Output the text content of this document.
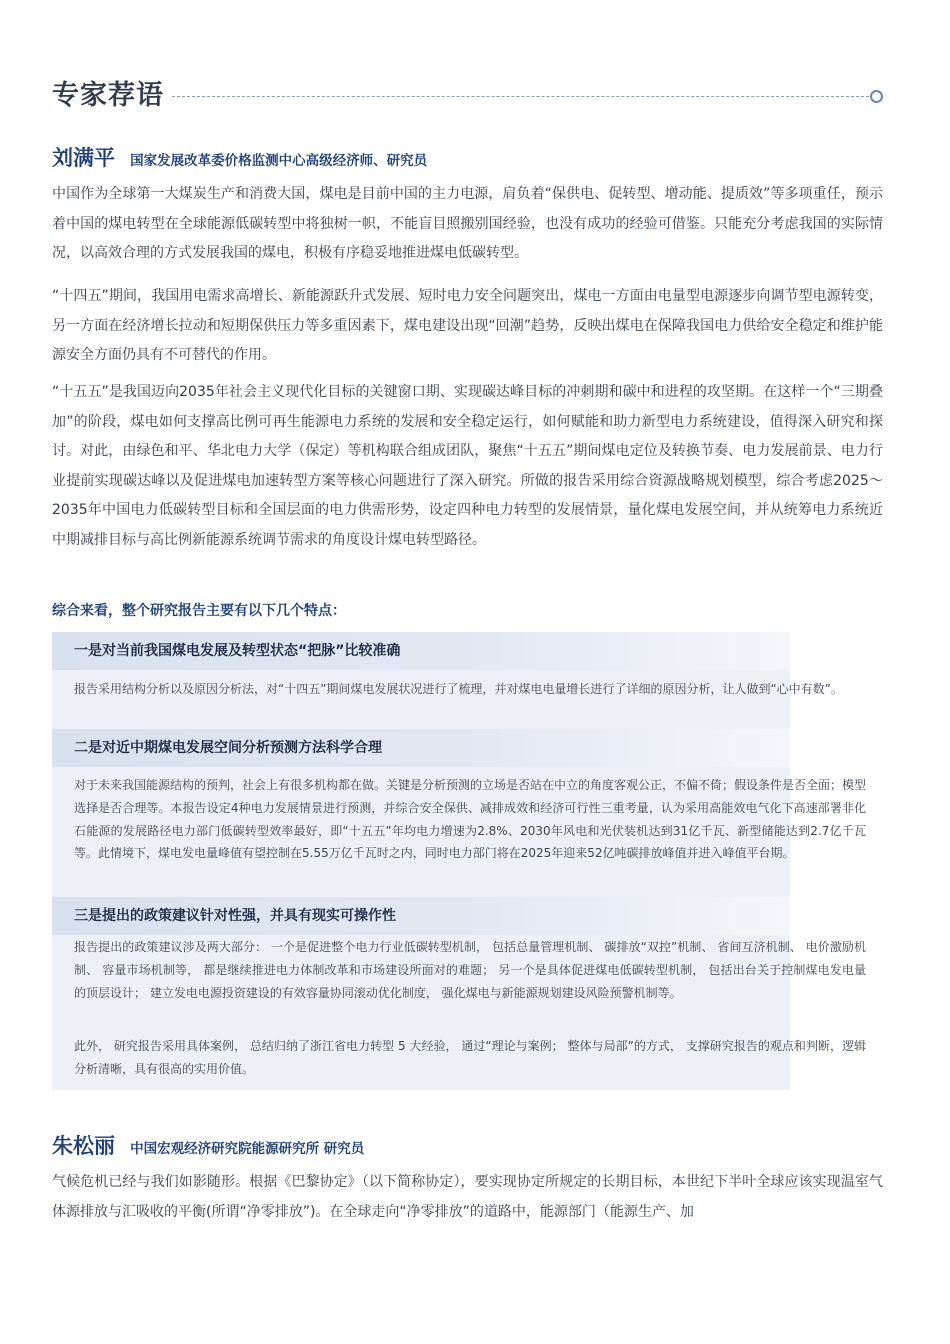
专家荐语
刘满平 国家发展改革委价格监测中心高级经济师、研究员

中国作为全球第一大煤炭生产和消费大国，煤电是目前中国的主力电源，肩负着“保供电、促转型、增动能、提质效”等多项重任，预示着中国的煤电转型在全球能源低碳转型中将独树一帜，不能盲目照搬别国经验，也没有成功的经验可借鉴。只能充分考虑我国的实际情况，以高效合理的方式发展我国的煤电，积极有序稳妥地推进煤电低碳转型。

“十四五”期间，我国用电需求高增长、新能源跃升式发展、短时电力安全问题突出，煤电一方面由电量型电源逐步向调节型电源转变，另一方面在经济增长拉动和短期保供压力等多重因素下，煤电建设出现“回潮”趋势，反映出煤电在保障我国电力供给安全稳定和维护能源安全方面仍具有不可替代的作用。

“十五五”是我国迈向2035年社会主义现代化目标的关键窗口期、实现碳达峰目标的冲刺期和碳中和进程的攻坚期。在这样一个“三期叠加”的阶段，煤电如何支撑高比例可再生能源电力系统的发展和安全稳定运行，如何赋能和助力新型电力系统建设，值得深入研究和探讨。对此，由绿色和平、华北电力大学（保定）等机构联合组成团队，聚焦“十五五”期间煤电定位及转换节奏、电力发展前景、电力行业提前实现碳达峰以及促进煤电加速转型方案等核心问题进行了深入研究。所做的报告采用综合资源战略规划模型，综合考虑2025～2035年中国电力低碳转型目标和全国层面的电力供需形势，设定四种电力转型的发展情景，量化煤电发展空间，并从统筹电力系统近中期减排目标与高比例新能源系统调节需求的角度设计煤电转型路径。

综合来看，整个研究报告主要有以下几个特点：
一是对当前我国煤电发展及转型状态“把脉”比较准确

报告采用结构分析以及原因分析法，对“十四五”期间煤电发展状况进行了梳理，并对煤电电量增长进行了详细的原因分析，让人做到“心中有数”。

二是对近中期煤电发展空间分析预测方法科学合理

对于未来我国能源结构的预判，社会上有很多机构都在做。关键是分析预测的立场是否站在中立的角度客观公正，不偏不倚；假设条件是否全面；模型选择是否合理等。本报告设定4种电力发展情景进行预测，并综合安全保供、减排成效和经济可行性三重考量，认为采用高能效电气化下高速部署非化石能源的发展路径电力部门低碳转型效率最好，即“十五五”年均电力增速为2.8%、2030年风电和光伏装机达到31亿千瓦、新型储能达到2.7亿千瓦等。此情境下，煤电发电量峰值有望控制在5.55万亿千瓦时之内，同时电力部门将在2025年迎来52亿吨碳排放峰值并进入峰值平台期。

三是提出的政策建议针对性强，并具有现实可操作性

报告提出的政策建议涉及两大部分： 一个是促进整个电力行业低碳转型机制， 包括总量管理机制、 碳排放“双控”机制、 省间互济机制、 电价激励机制、 容量市场机制等， 都是继续推进电力体制改革和市场建设所面对的难题； 另一个是具体促进煤电低碳转型机制， 包括出台关于控制煤电发电量的顶层设计； 建立发电电源投资建设的有效容量协同滚动优化制度， 强化煤电与新能源规划建设风险预警机制等。

此外， 研究报告采用具体案例， 总结归纳了浙江省电力转型 5 大经验， 通过“理论与案例； 整体与局部”的方式， 支撑研究报告的观点和判断，逻辑分析清晰，具有很高的实用价值。

朱松丽 中国宏观经济研究院能源研究所 研究员

气候危机已经与我们如影随形。根据《巴黎协定》（以下简称协定），要实现协定所规定的长期目标，本世纪下半叶全球应该实现温室气体源排放与汇吸收的平衡(所谓“净零排放”)。在全球走向“净零排放”的道路中，能源部门（能源生产、加
